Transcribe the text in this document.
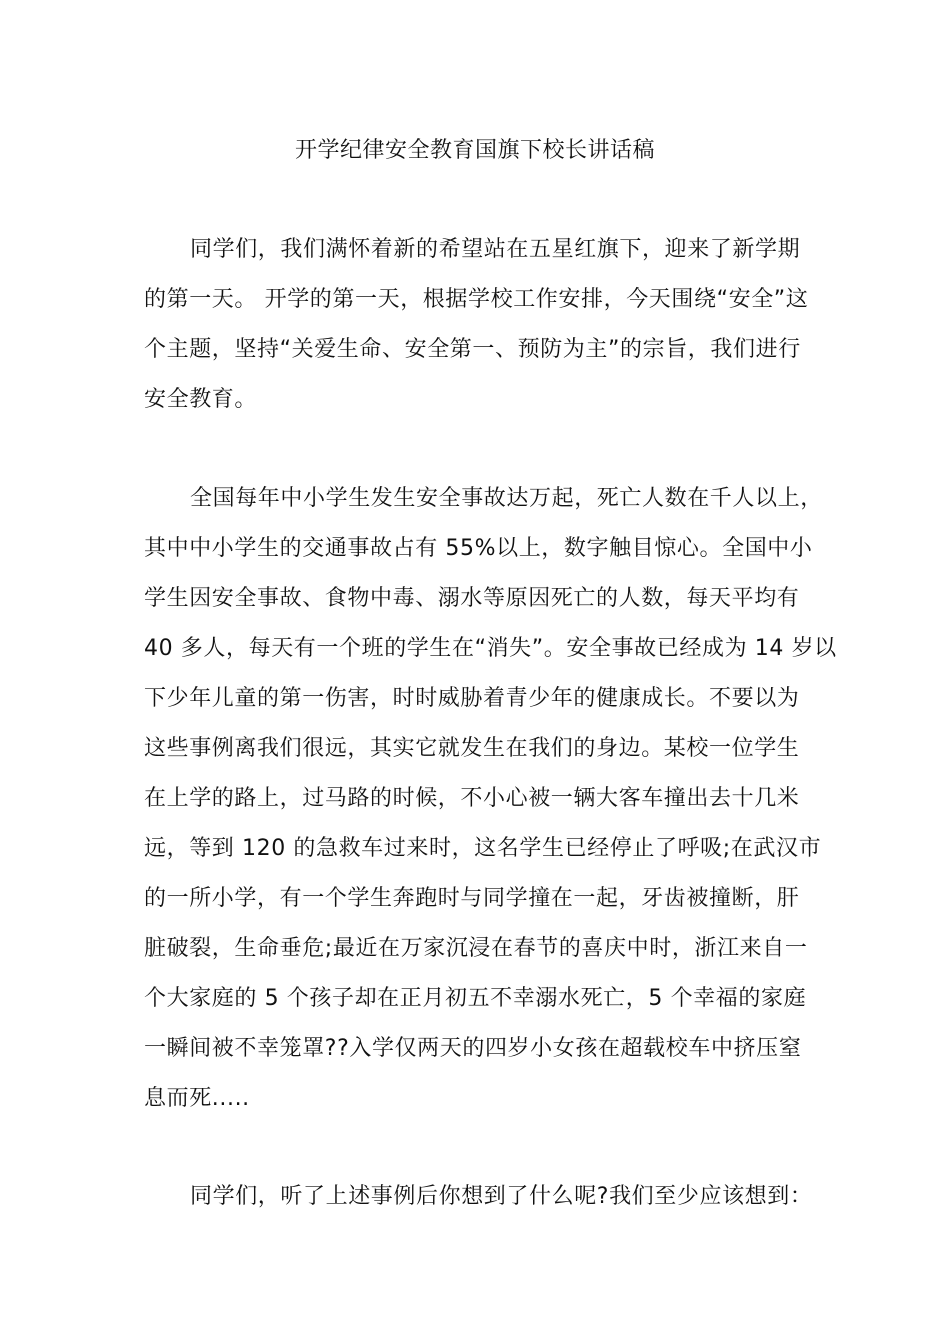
开学纪律安全教育国旗下校长讲话稿

同学们，我们满怀着新的希望站在五星红旗下，迎来了新学期
的第一天。 开学的第一天，根据学校工作安排，今天围绕“安全”这
个主题，坚持“关爱生命、安全第一、预防为主”的宗旨，我们进行
安全教育。

全国每年中小学生发生安全事故达万起，死亡人数在千人以上，
其中中小学生的交通事故占有 55%以上，数字触目惊心。全国中小
学生因安全事故、食物中毒、溺水等原因死亡的人数，每天平均有
40 多人，每天有一个班的学生在“消失”。安全事故已经成为 14 岁以
下少年儿童的第一伤害，时时威胁着青少年的健康成长。不要以为
这些事例离我们很远，其实它就发生在我们的身边。某校一位学生
在上学的路上，过马路的时候，不小心被一辆大客车撞出去十几米
远，等到 120 的急救车过来时，这名学生已经停止了呼吸;在武汉市
的一所小学，有一个学生奔跑时与同学撞在一起，牙齿被撞断，肝
脏破裂，生命垂危;最近在万家沉浸在春节的喜庆中时，浙江来自一
个大家庭的 5 个孩子却在正月初五不幸溺水死亡，5 个幸福的家庭
一瞬间被不幸笼罩??入学仅两天的四岁小女孩在超载校车中挤压窒
息而死.....

同学们，听了上述事例后你想到了什么呢?我们至少应该想到：
